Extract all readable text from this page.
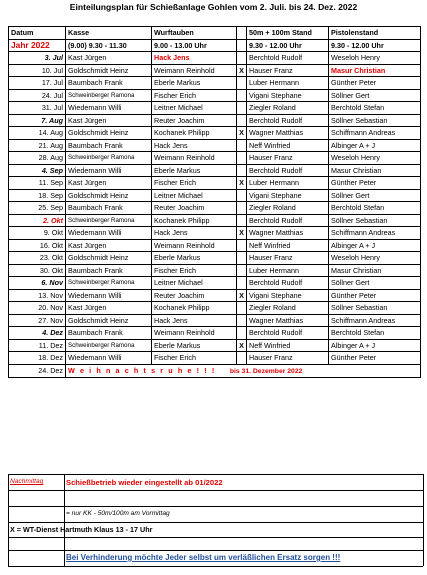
Einteilungsplan für Schießanlage Gohlen vom 2. Juli. bis 24. Dez. 2022
Datum	Kasse	Wurftauben		50m + 100m Stand	Pistolenstand
Jahr 2022	(9.00) 9.30 - 11.30	9.00 - 13.00 Uhr		9.30 - 12.00 Uhr	9.30 - 12.00 Uhr
3. Jul	Kast Jürgen	Hack Jens		Berchtold Rudolf	Weseloh Henry
10. Jul	Goldschmidt Heinz	Weimann Reinhold	X	Hauser Franz	Masur Christian
17. Jul	Baumbach Frank	Eberle Markus		Luber Hermann	Günther Peter
24. Jul	Schweinberger Ramona	Fischer Erich		Vigani Stephane	Söllner Gert
31. Jul	Wiedemann Willi	Leitner Michael		Ziegler Roland	Berchtold Stefan
7. Aug	Kast Jürgen	Reuter Joachim		Berchtold Rudolf	Söllner Sebastian
14. Aug	Goldschmidt Heinz	Kochanek Philipp	X	Wagner Matthias	Schiffmann Andreas
21. Aug	Baumbach Frank	Hack Jens		Neff Winfried	Albinger A + J
28. Aug	Schweinberger Ramona	Weimann Reinhold		Hauser Franz	Weseloh Henry
4. Sep	Wiedemann Willi	Eberle Markus		Berchtold Rudolf	Masur Christian
11. Sep	Kast Jürgen	Fischer Erich	X	Luber Hermann	Günther Peter
18. Sep	Goldschmidt Heinz	Leitner Michael		Vigani Stephane	Söllner Gert
25. Sep	Baumbach Frank	Reuter Joachim		Ziegler Roland	Berchtold Stefan
2. Okt	Schweinberger Ramona	Kochanek Philipp		Berchtold Rudolf	Söllner Sebastian
9. Okt	Wiedemann Willi	Hack Jens	X	Wagner Matthias	Schiffmann Andreas
16. Okt	Kast Jürgen	Weimann Reinhold		Neff Winfried	Albinger A + J
23. Okt	Goldschmidt Heinz	Eberle Markus		Hauser Franz	Weseloh Henry
30. Okt	Baumbach Frank	Fischer Erich		Luber Hermann	Masur Christian
6. Nov	Schweinberger Ramona	Leitner Michael		Berchtold Rudolf	Söllner Gert
13. Nov	Wiedemann Willi	Reuter Joachim	X	Vigani Stephane	Günther Peter
20. Nov	Kast Jürgen	Kochanek Philipp		Ziegler Roland	Söllner Sebastian
27. Nov	Goldschmidt Heinz	Hack Jens		Wagner Matthias	Schiffmann Andreas
4. Dez	Baumbach Frank	Weimann Reinhold		Berchtold Rudolf	Berchtold Stefan
11. Dez	Schweinberger Ramona	Eberle Markus	X	Neff Winfried	Albinger A + J
18. Dez	Wiedemann Willi	Fischer Erich		Hauser Franz	Günther Peter
24. Dez	W e i h n a c h t s r u h e ! ! ! bis 31. Dezember 2022				
Nachmittag	Schießbetrieb wieder eingestellt ab 01/2022
= nur KK - 50m/100m am Vormittag
X = WT-Dienst Hartmuth Klaus 13 - 17 Uhr
Bei Verhinderung möchte Jeder selbst um verläßlichen Ersatz sorgen !!!
